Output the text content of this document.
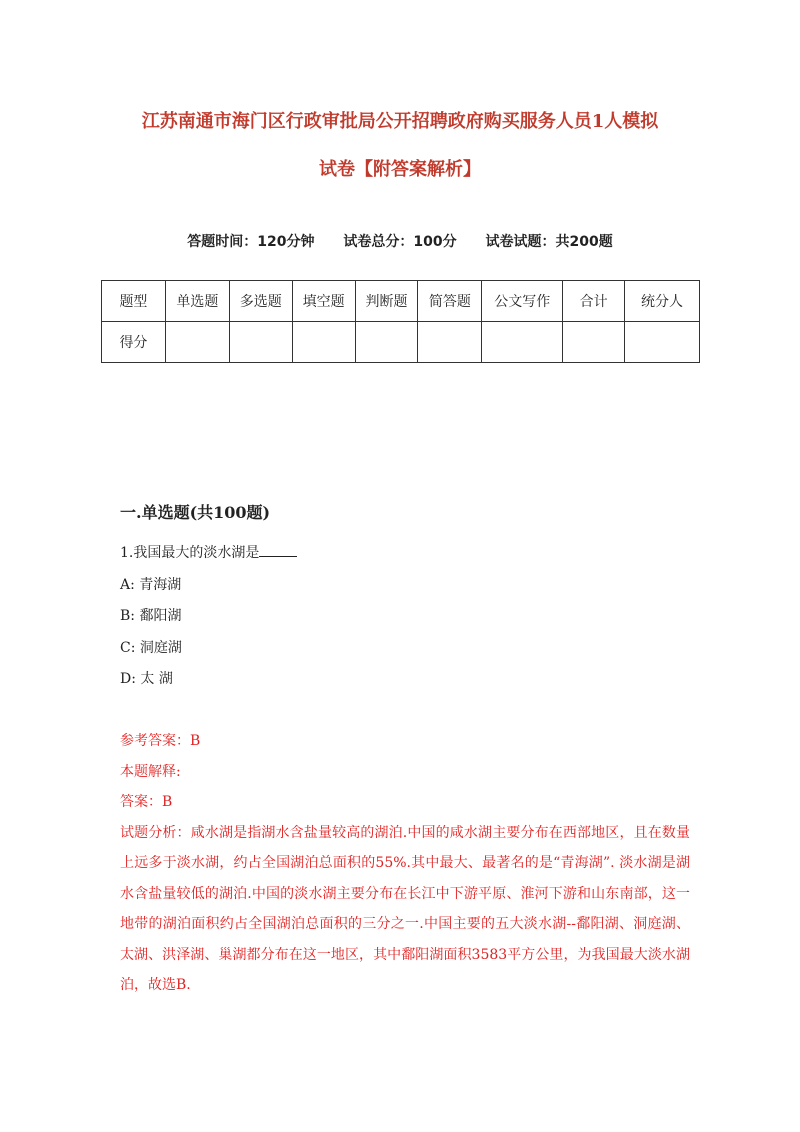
江苏南通市海门区行政审批局公开招聘政府购买服务人员1人模拟
试卷【附答案解析】
答题时间：120分钟 试卷总分：100分 试卷试题：共200题
题型	单选题	多选题	填空题	判断题	简答题	公文写作	合计	统分人
得分								
一.单选题(共100题)
1.我国最大的淡水湖是
A: 青海湖
B: 鄱阳湖
C: 洞庭湖
D: 太 湖

参考答案：B

本题解释:

答案：B

试题分析：咸水湖是指湖水含盐量较高的湖泊.中国的咸水湖主要分布在西部地区，且在数量上远多于淡水湖，约占全国湖泊总面积的55%.其中最大、最著名的是“青海湖”. 淡水湖是湖水含盐量较低的湖泊.中国的淡水湖主要分布在长江中下游平原、淮河下游和山东南部，这一地带的湖泊面积约占全国湖泊总面积的三分之一.中国主要的五大淡水湖--鄱阳湖、洞庭湖、太湖、洪泽湖、巢湖都分布在这一地区，其中鄱阳湖面积3583平方公里，为我国最大淡水湖泊，故选B.
